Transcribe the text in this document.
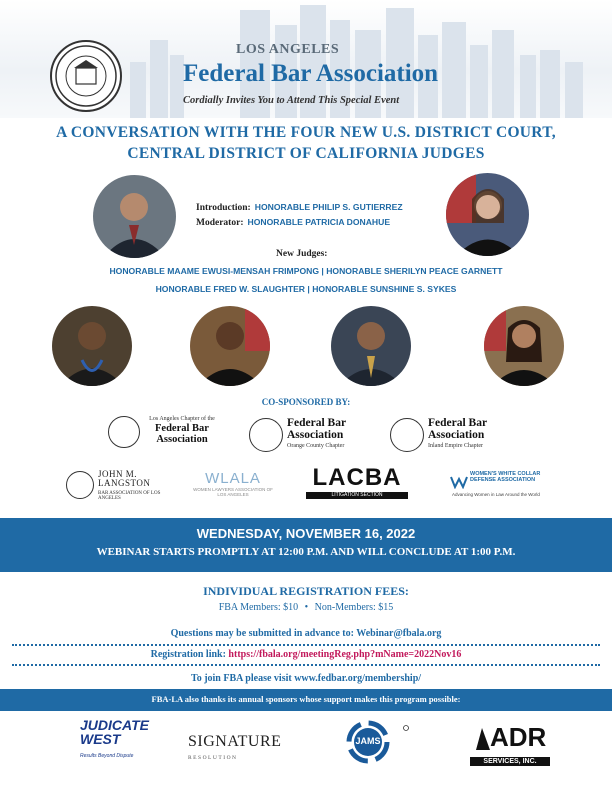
LOS ANGELES
Federal Bar Association
Cordially Invites You to Attend This Special Event
A CONVERSATION WITH THE FOUR NEW U.S. DISTRICT COURT,
CENTRAL DISTRICT OF CALIFORNIA JUDGES
Introduction: HONORABLE PHILIP S. GUTIERREZ
Moderator: HONORABLE PATRICIA DONAHUE
New Judges:
HONORABLE MAAME EWUSI-MENSAH FRIMPONG | HONORABLE SHERILYN PEACE GARNETT
HONORABLE FRED W. SLAUGHTER | HONORABLE SUNSHINE S. SYKES
CO-SPONSORED BY:
Los Angeles Chapter of the
Federal Bar Association
Federal Bar Association
Orange County Chapter
Federal Bar Association
Inland Empire Chapter
JOHN M. LANGSTON
BAR ASSOCIATION OF LOS ANGELES
WLALA
WOMEN LAWYERS ASSOCIATION OF LOS ANGELES
LACBA
LITIGATION SECTION
WOMEN'S WHITE COLLAR
DEFENSE ASSOCIATION
Advancing Women in Law Around the World
WEDNESDAY, NOVEMBER 16, 2022
WEBINAR STARTS PROMPTLY AT 12:00 P.M. AND WILL CONCLUDE AT 1:00 P.M.
INDIVIDUAL REGISTRATION FEES:
FBA Members: $10 • Non-Members: $15
Questions may be submitted in advance to: Webinar@fbala.org
Registration link: https://fbala.org/meetingReg.php?mName=2022Nov16
To join FBA please visit www.fedbar.org/membership/
FBA-LA also thanks its annual sponsors whose support makes this program possible:
JUDICATE
WEST
Results Beyond Dispute
SIGNATURE
RESOLUTION
JAMS	ADR
SERVICES, INC.
